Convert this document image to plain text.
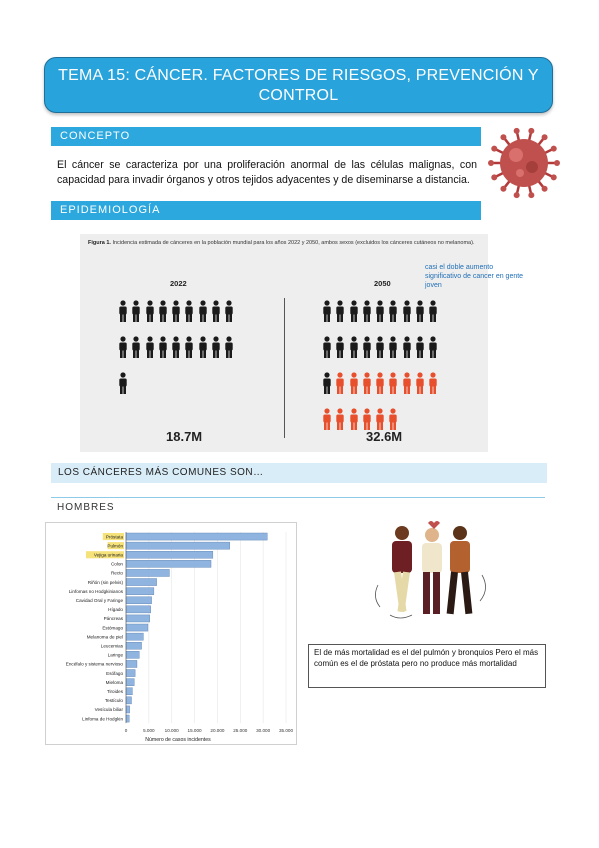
TEMA 15: CÁNCER. FACTORES DE RIESGOS, PREVENCIÓN Y CONTROL
CONCEPTO
El cáncer se caracteriza por una proliferación anormal de las células malignas, con capacidad para invadir órganos y otros tejidos adyacentes y de diseminarse a distancia.
EPIDEMIOLOGÍA
Figura 1. Incidencia estimada de cánceres en la población mundial para los años 2022 y 2050, ambos sexos (excluidos los cánceres cutáneos no melanoma).
2022	2050
18.7M	32.6M
casi el doble aumento significativo de cancer en gente joven
LOS CÁNCERES MÁS COMUNES SON…
HOMBRES
0	5.000 10.000 15.000 20.000 25.000 30.000 35.000
Próstata
Pulmón
Vejiga urinaria
Colon
Recto
Riñón (sin pelvis)
Linfomas no Hodgkinianos
Cavidad Oral y Faringe
Hígado
Páncreas
Estómago
Melanoma de piel
Leucemias
Laringe
Encéfalo y sistema nervioso
Esófago
Mieloma
Tiroides
Testículo
Vesícula biliar
Linfoma de Hodgkin
Número de casos incidentes
El de más mortalidad es el del pulmón y bronquios Pero el más común es el de próstata pero no produce más mortalidad
